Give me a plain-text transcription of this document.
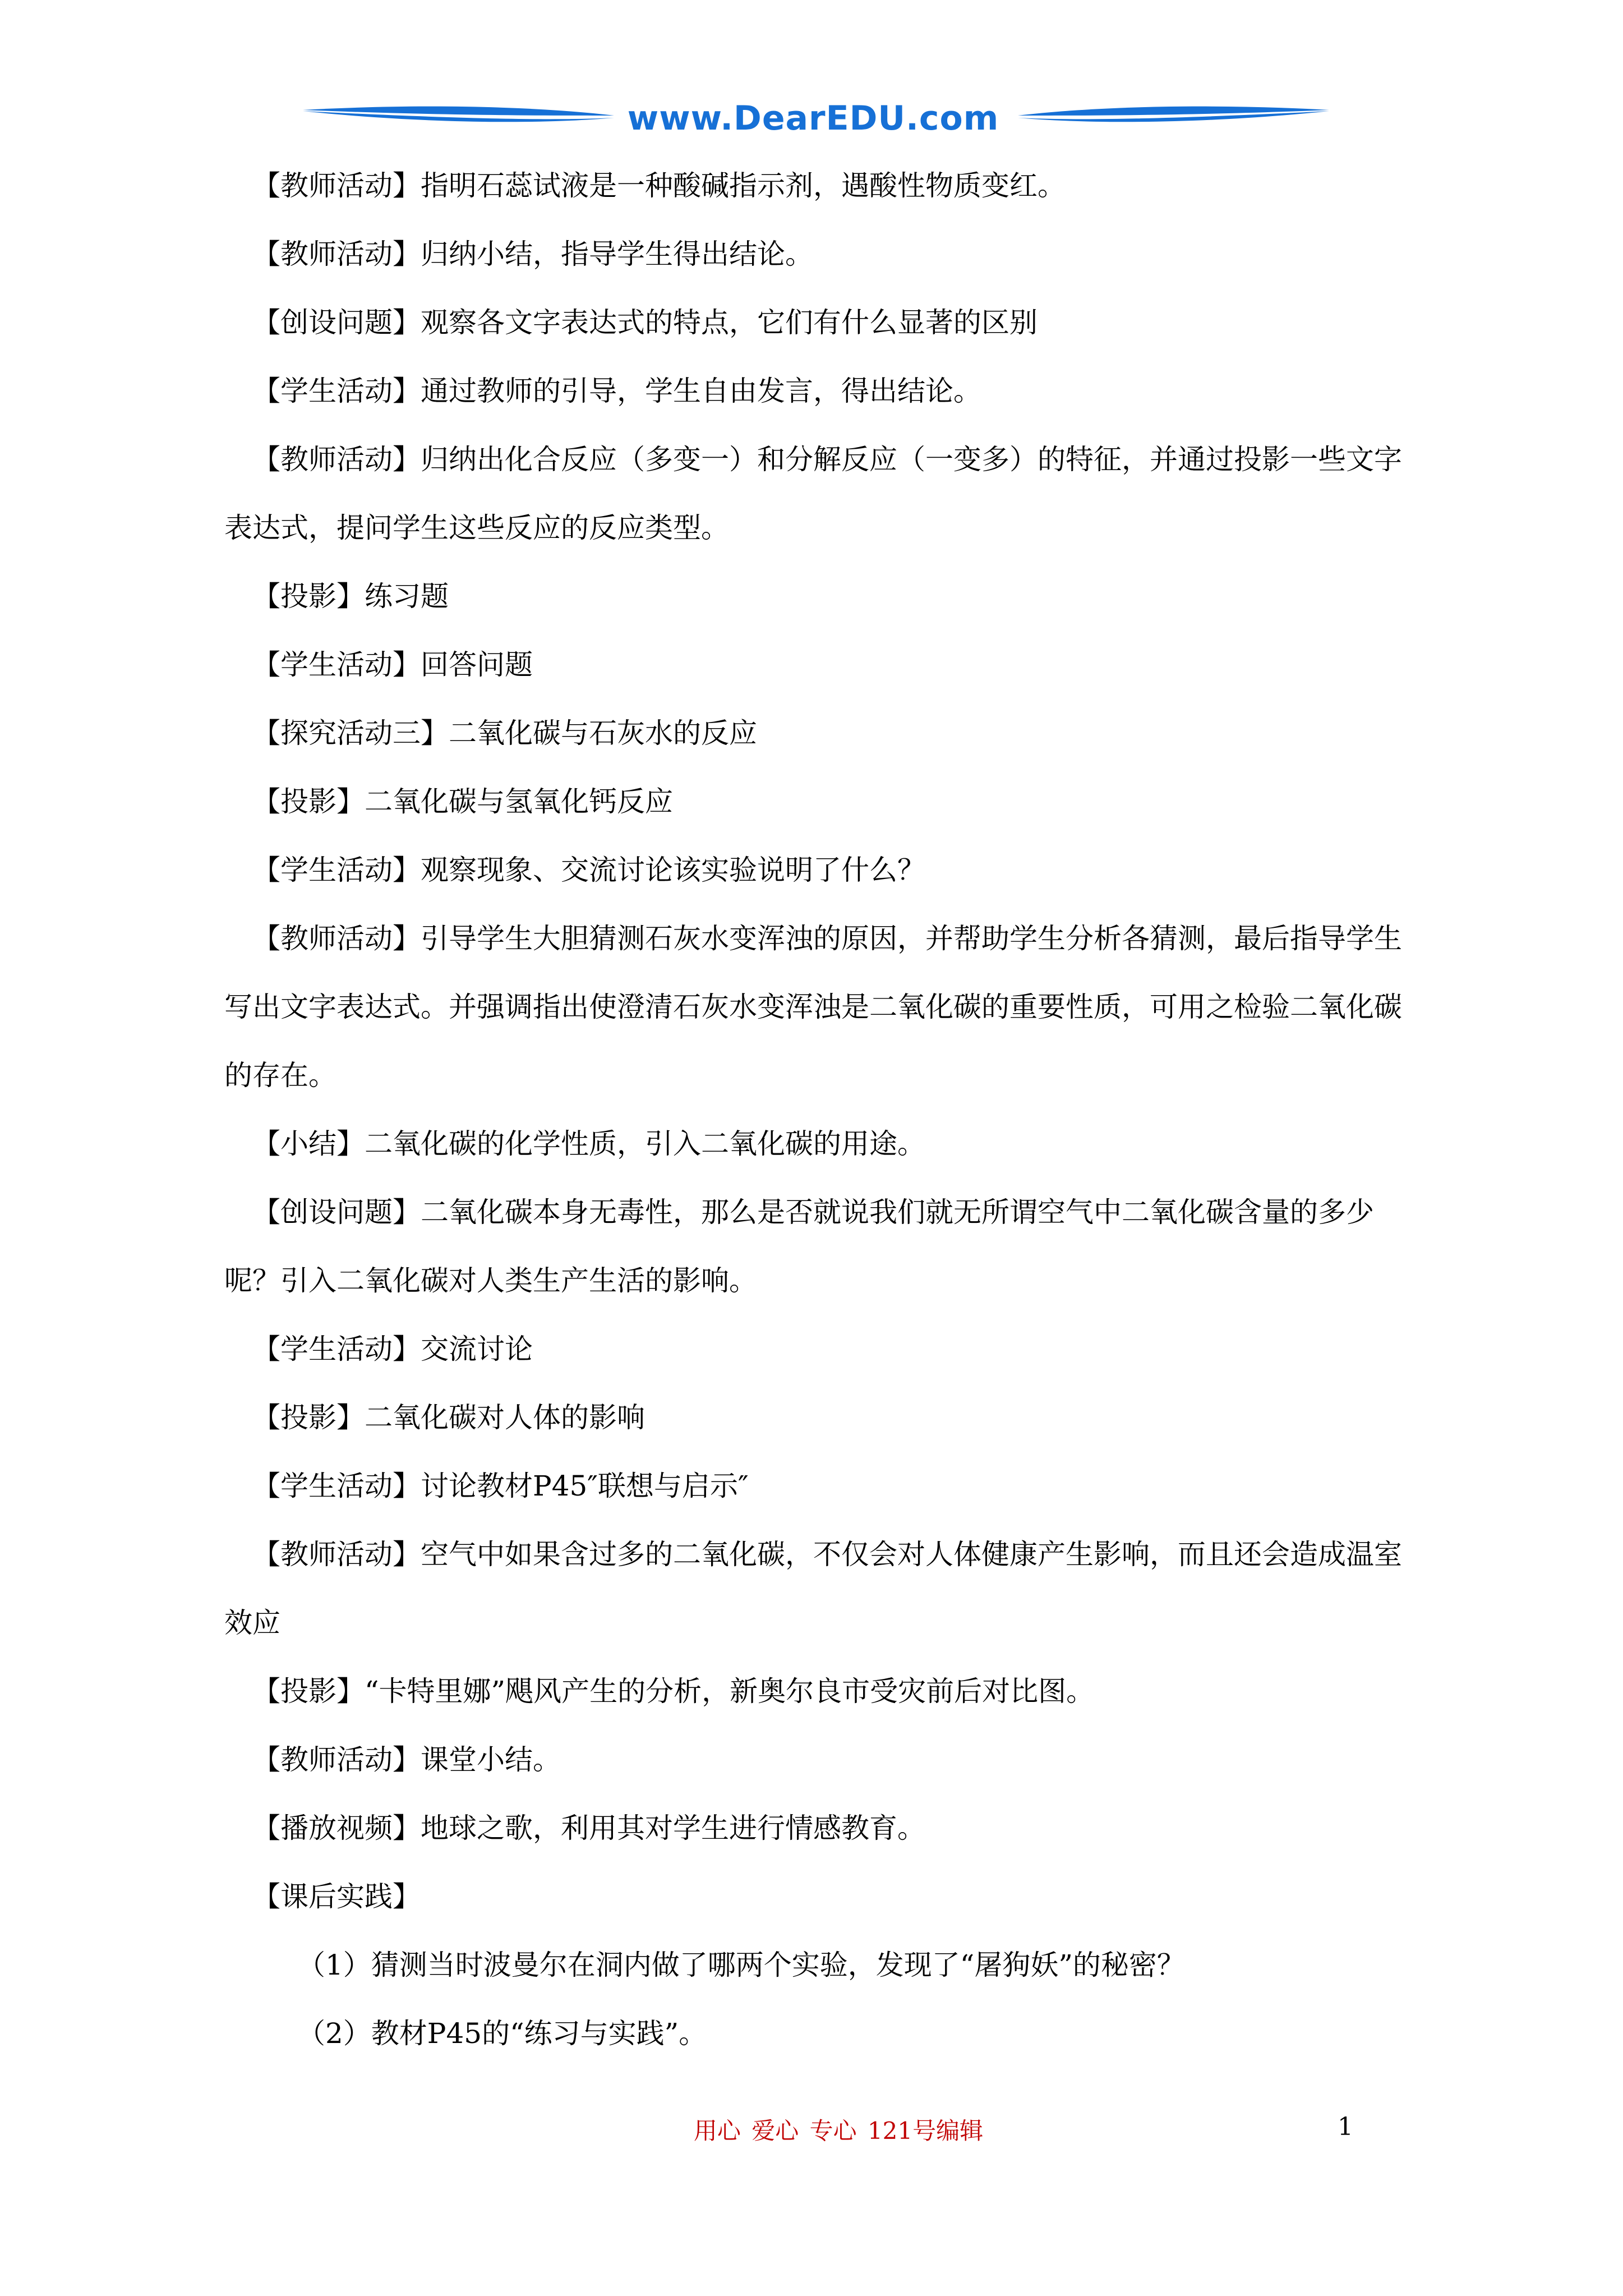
www.DearEDU.com

【教师活动】指明石蕊试液是一种酸碱指示剂，遇酸性物质变红。

【教师活动】归纳小结，指导学生得出结论。

【创设问题】观察各文字表达式的特点，它们有什么显著的区别

【学生活动】通过教师的引导，学生自由发言，得出结论。

【教师活动】归纳出化合反应（多变一）和分解反应（一变多）的特征，并通过投影一些文字表达式，提问学生这些反应的反应类型。

【投影】练习题

【学生活动】回答问题

【探究活动三】二氧化碳与石灰水的反应

【投影】二氧化碳与氢氧化钙反应

【学生活动】观察现象、交流讨论该实验说明了什么？

【教师活动】引导学生大胆猜测石灰水变浑浊的原因，并帮助学生分析各猜测，最后指导学生写出文字表达式。并强调指出使澄清石灰水变浑浊是二氧化碳的重要性质，可用之检验二氧化碳的存在。

【小结】二氧化碳的化学性质，引入二氧化碳的用途。

【创设问题】二氧化碳本身无毒性，那么是否就说我们就无所谓空气中二氧化碳含量的多少呢？引入二氧化碳对人类生产生活的影响。

【学生活动】交流讨论

【投影】二氧化碳对人体的影响

【学生活动】讨论教材P45″联想与启示″

【教师活动】空气中如果含过多的二氧化碳，不仅会对人体健康产生影响，而且还会造成温室效应

【投影】“卡特里娜”飓风产生的分析，新奥尔良市受灾前后对比图。

【教师活动】课堂小结。

【播放视频】地球之歌，利用其对学生进行情感教育。

【课后实践】

（1）猜测当时波曼尔在洞内做了哪两个实验，发现了“屠狗妖”的秘密？

（2）教材P45的“练习与实践”。

用心 爱心 专心 121号编辑	1
